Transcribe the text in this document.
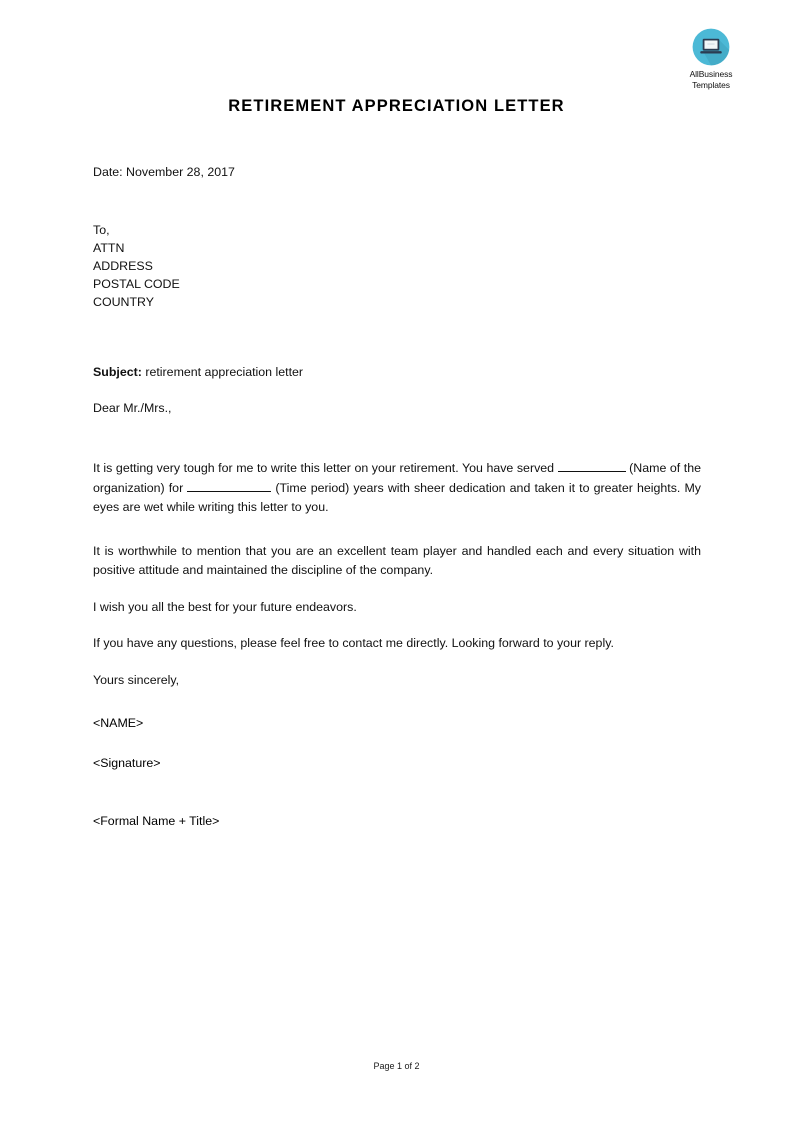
AllBusiness
Templates
RETIREMENT APPRECIATION LETTER
Date: November 28, 2017
To,
ATTN
ADDRESS
POSTAL CODE
COUNTRY
Subject: retirement appreciation letter
Dear Mr./Mrs.,
It is getting very tough for me to write this letter on your retirement. You have served	(Name of the organization) for	(Time period) years with sheer dedication and taken it to greater heights. My eyes are wet while writing this letter to you.
It is worthwhile to mention that you are an excellent team player and handled each and every situation with positive attitude and maintained the discipline of the company.
I wish you all the best for your future endeavors.
If you have any questions, please feel free to contact me directly. Looking forward to your reply.
Yours sincerely,
<NAME>
<Signature>
<Formal Name + Title>
Page 1 of 2
